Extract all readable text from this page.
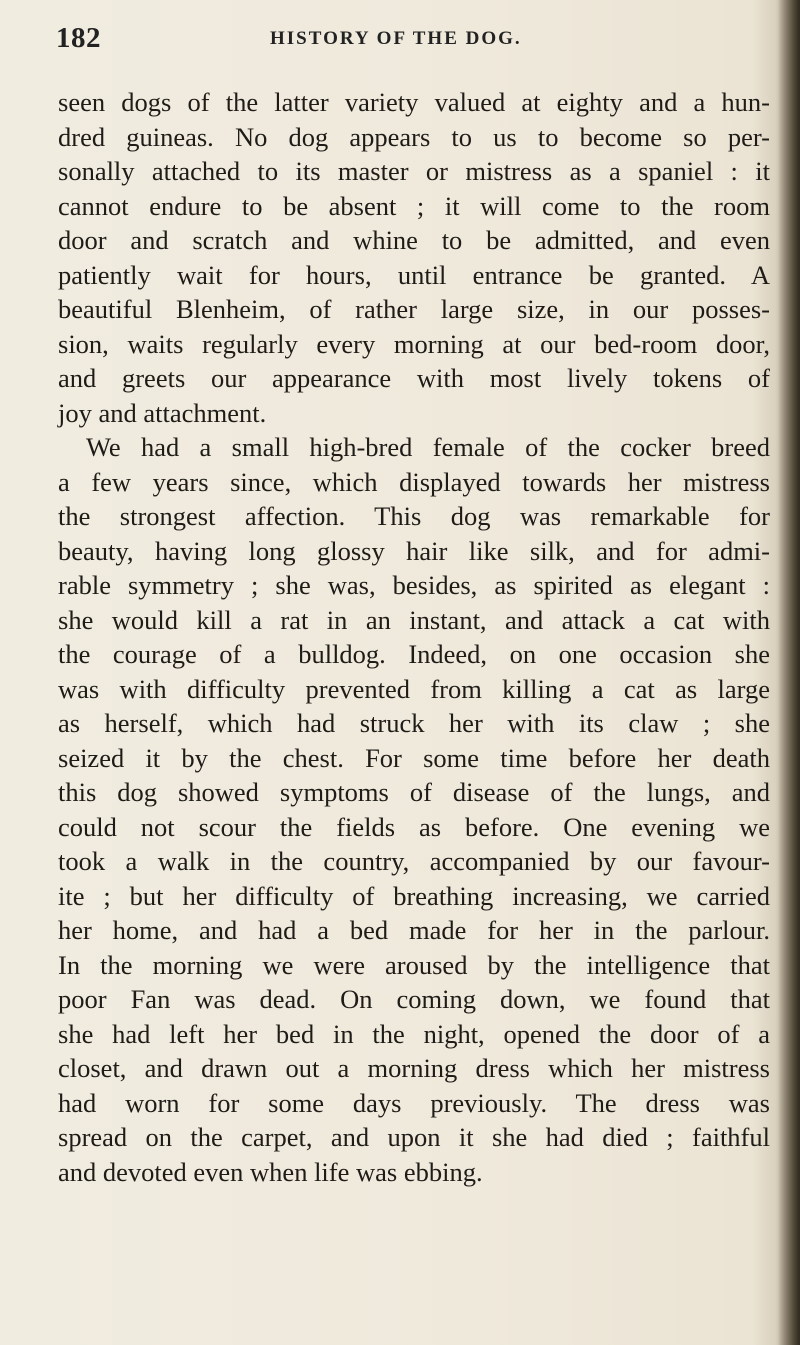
182	HISTORY OF THE DOG.
seen dogs of the latter variety valued at eighty and a hun-
dred guineas. No dog appears to us to become so per-
sonally attached to its master or mistress as a spaniel : it
cannot endure to be absent ; it will come to the room
door and scratch and whine to be admitted, and even
patiently wait for hours, until entrance be granted. A
beautiful Blenheim, of rather large size, in our posses-
sion, waits regularly every morning at our bed-room door,
and greets our appearance with most lively tokens of
joy and attachment.
We had a small high-bred female of the cocker breed
a few years since, which displayed towards her mistress
the strongest affection. This dog was remarkable for
beauty, having long glossy hair like silk, and for admi-
rable symmetry ; she was, besides, as spirited as elegant :
she would kill a rat in an instant, and attack a cat with
the courage of a bulldog. Indeed, on one occasion she
was with difficulty prevented from killing a cat as large
as herself, which had struck her with its claw ; she
seized it by the chest. For some time before her death
this dog showed symptoms of disease of the lungs, and
could not scour the fields as before. One evening we
took a walk in the country, accompanied by our favour-
ite ; but her difficulty of breathing increasing, we carried
her home, and had a bed made for her in the parlour.
In the morning we were aroused by the intelligence that
poor Fan was dead. On coming down, we found that
she had left her bed in the night, opened the door of a
closet, and drawn out a morning dress which her mistress
had worn for some days previously. The dress was
spread on the carpet, and upon it she had died ; faithful
and devoted even when life was ebbing.
